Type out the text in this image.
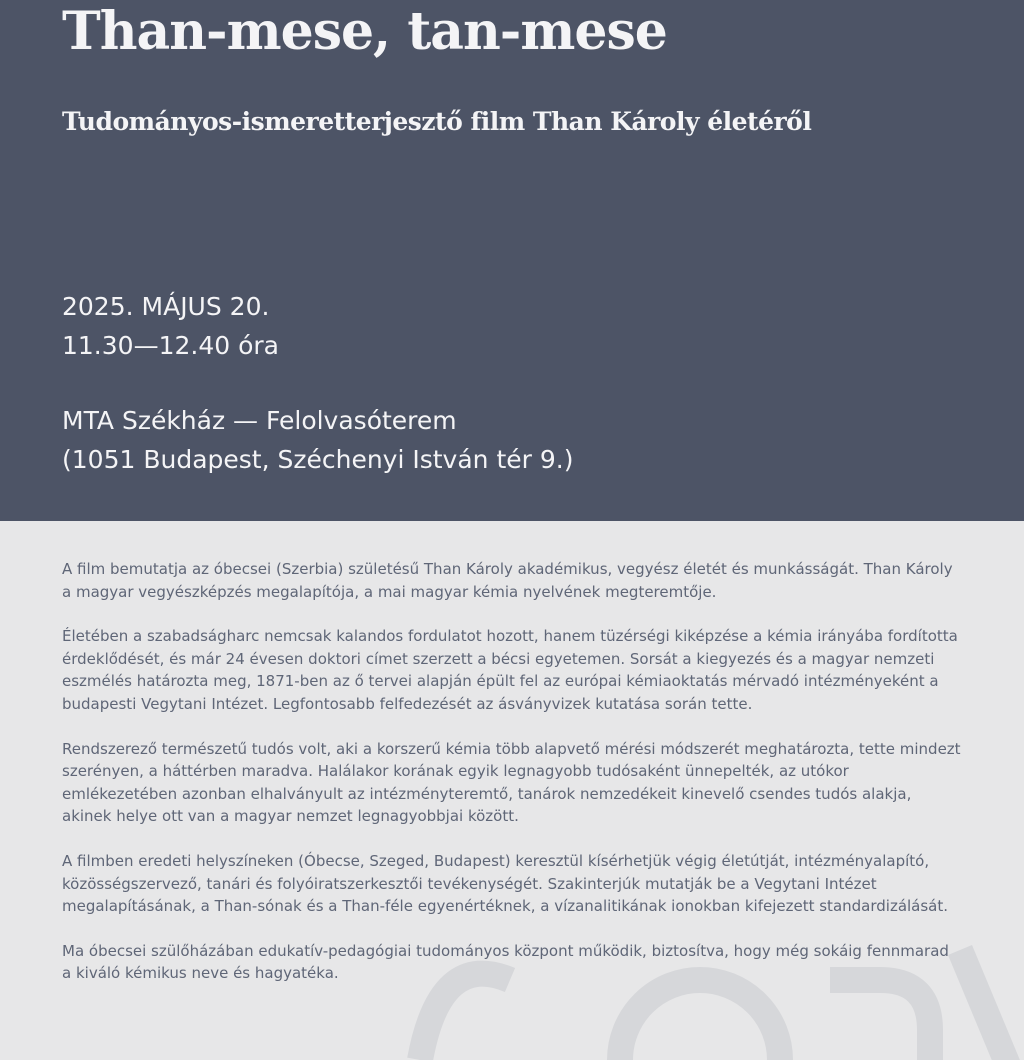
Than-mese, tan-mese
Tudományos-ismeretterjesztő film Than Károly életéről
2025. MÁJUS 20.
11.30—12.40 óra
MTA Székház — Felolvasóterem
(1051 Budapest, Széchenyi István tér 9.)

A film bemutatja az óbecsei (Szerbia) születésű Than Károly akadémikus, vegyész életét és munkásságát. Than Károly a magyar vegyészképzés megalapítója, a mai magyar kémia nyelvének megteremtője.

Életében a szabadságharc nemcsak kalandos fordulatot hozott, hanem tüzérségi kiképzése a kémia irányába fordította érdeklődését, és már 24 évesen doktori címet szerzett a bécsi egyetemen. Sorsát a kiegyezés és a magyar nemzeti eszmélés határozta meg, 1871-ben az ő tervei alapján épült fel az európai kémiaoktatás mérvadó intézményeként a budapesti Vegytani Intézet. Legfontosabb felfedezését az ásványvizek kutatása során tette.

Rendszerező természetű tudós volt, aki a korszerű kémia több alapvető mérési módszerét meghatározta, tette mindezt szerényen, a háttérben maradva. Halálakor korának egyik legnagyobb tudósaként ünnepelték, az utókor emlékezetében azonban elhalványult az intézményteremtő, tanárok nemzedékeit kinevelő csendes tudós alakja, akinek helye ott van a magyar nemzet legnagyobbjai között.

A filmben eredeti helyszíneken (Óbecse, Szeged, Budapest) keresztül kísérhetjük végig életútját, intézményalapító, közösségszervező, tanári és folyóiratszerkesztői tevékenységét. Szakinterjúk mutatják be a Vegytani Intézet megalapításának, a Than-sónak és a Than-féle egyenértéknek, a vízanalitikának ionokban kifejezett standardizálását.

Ma óbecsei szülőházában edukatív-pedagógiai tudományos központ működik, biztosítva, hogy még sokáig fennmarad a kiváló kémikus neve és hagyatéka.
